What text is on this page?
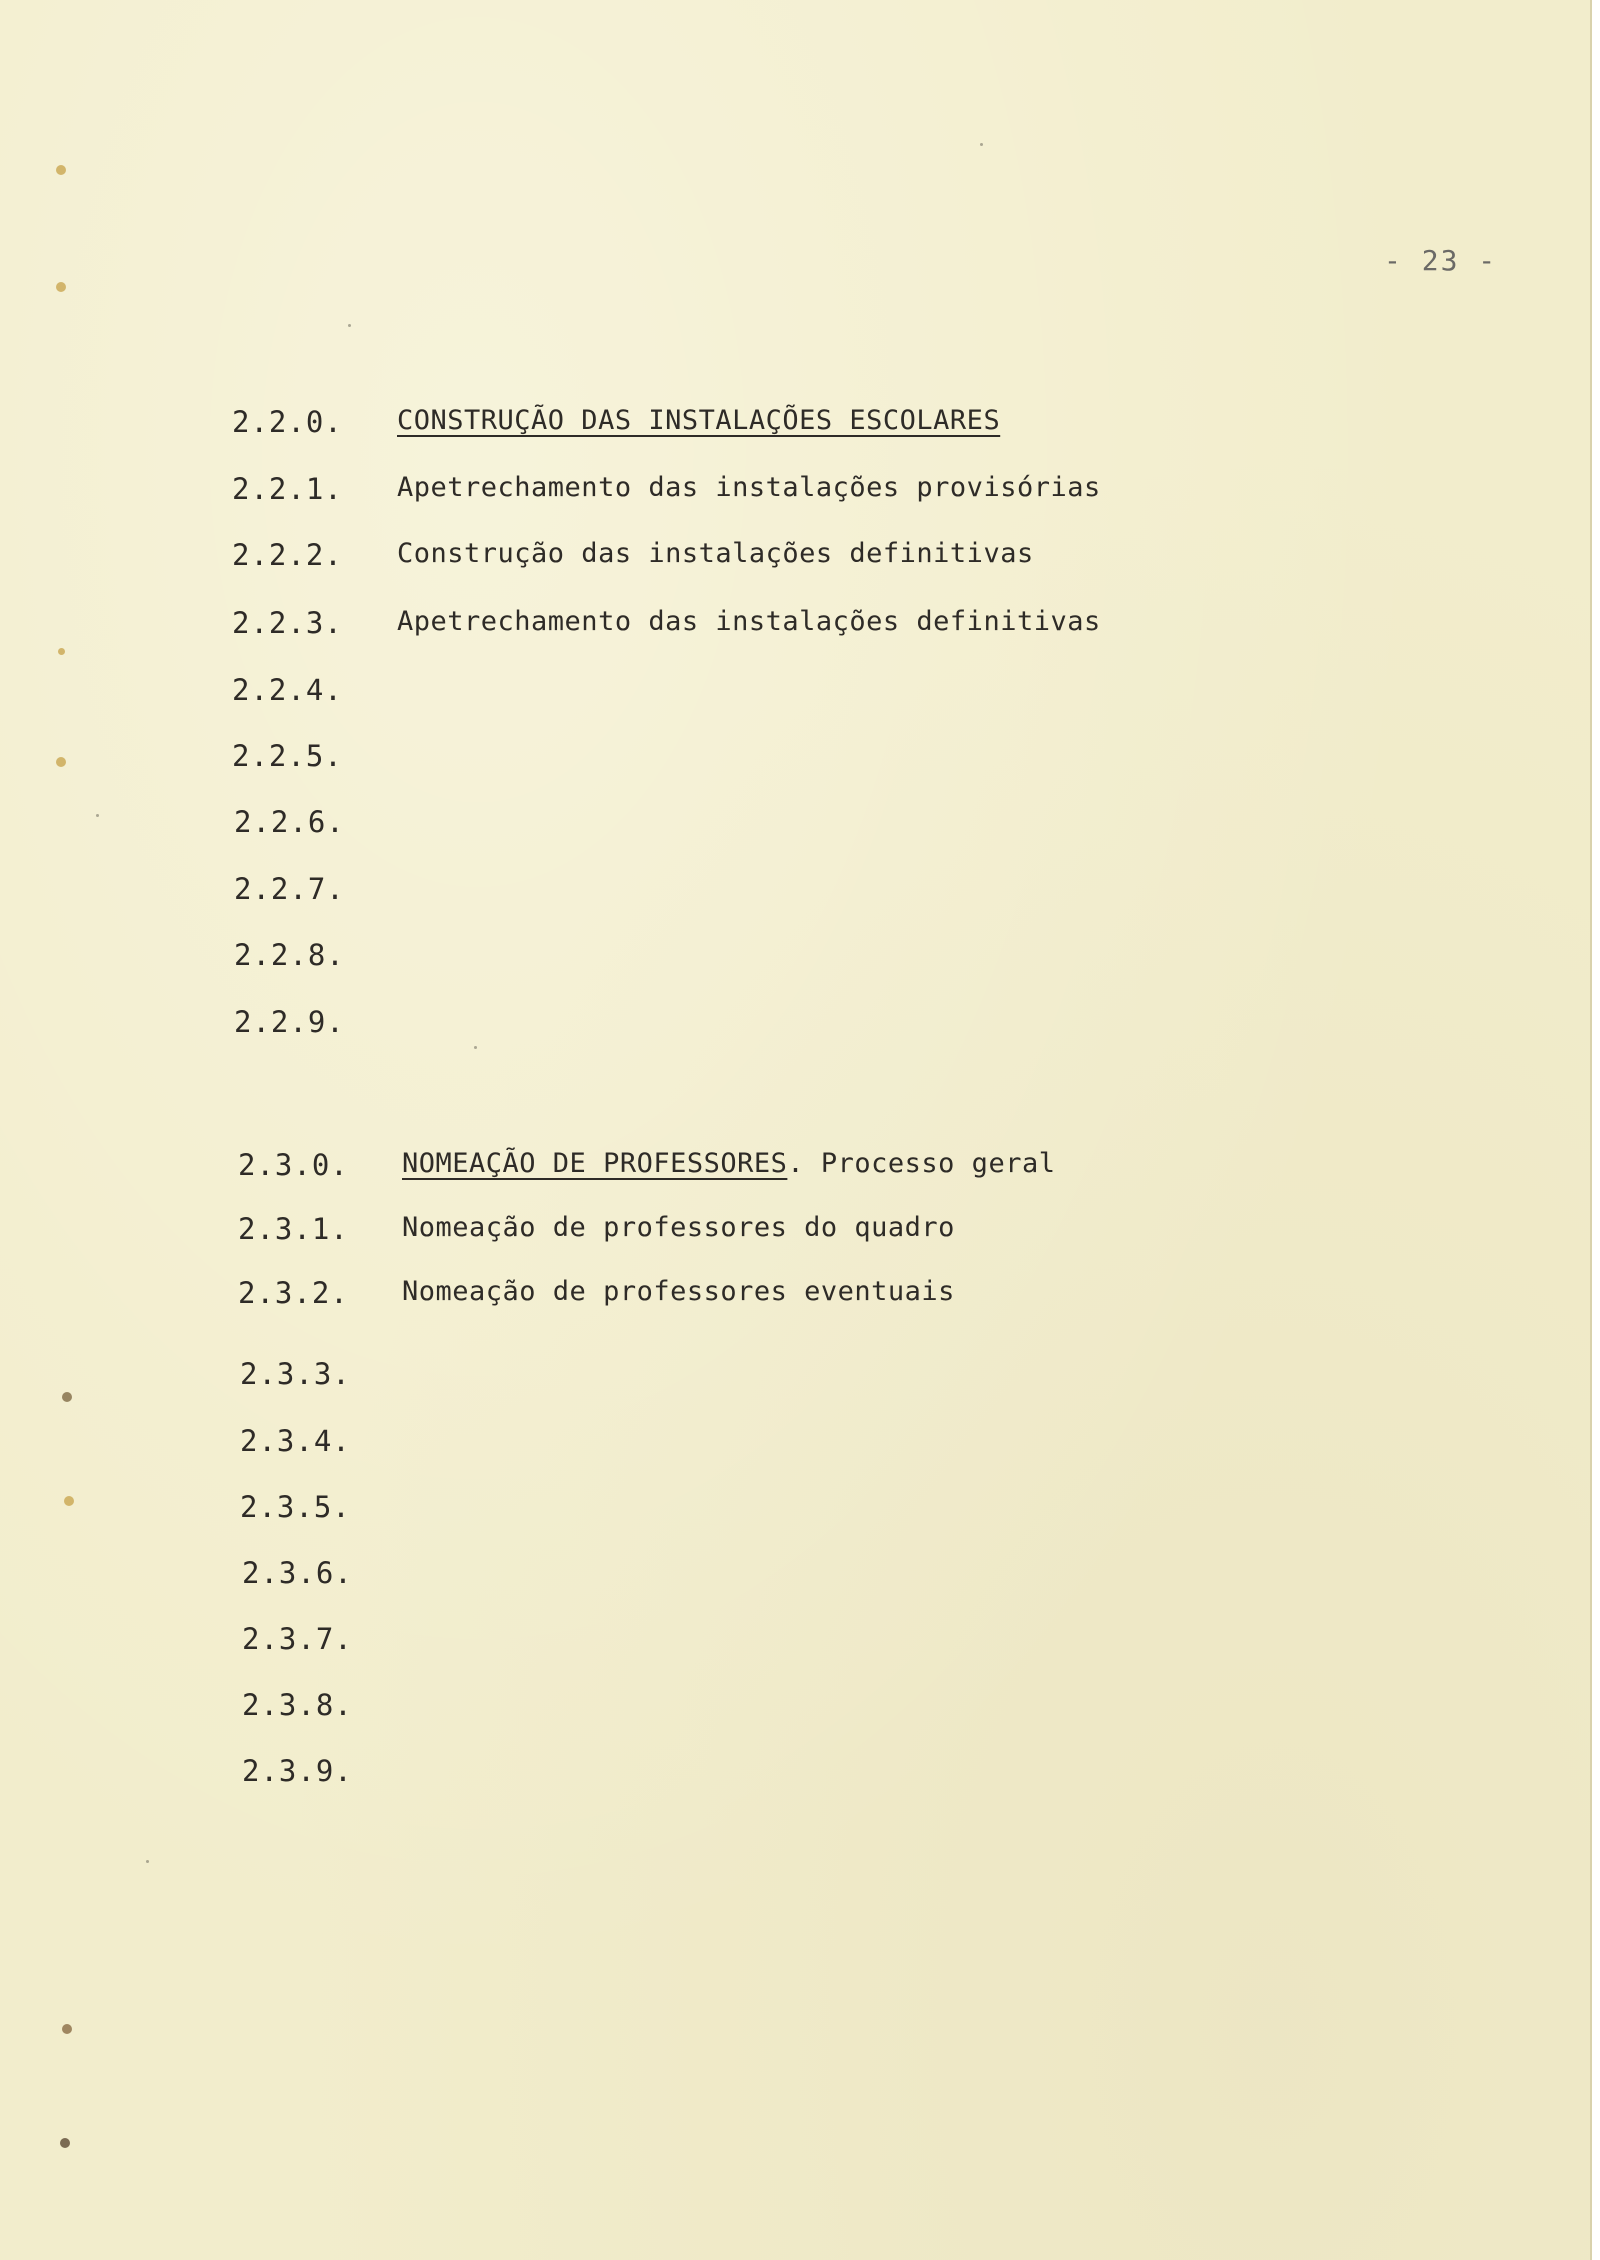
- 23 -
2.2.0. CONSTRUÇÃO DAS INSTALAÇÕES ESCOLARES
2.2.1. Apetrechamento das instalações provisórias
2.2.2. Construção das instalações definitivas
2.2.3. Apetrechamento das instalações definitivas
2.2.4.
2.2.5.
2.2.6.
2.2.7.
2.2.8.
2.2.9.
2.3.0. NOMEAÇÃO DE PROFESSORES. Processo geral
2.3.1. Nomeação de professores do quadro
2.3.2. Nomeação de professores eventuais
2.3.3.
2.3.4.
2.3.5.
2.3.6.
2.3.7.
2.3.8.
2.3.9.
